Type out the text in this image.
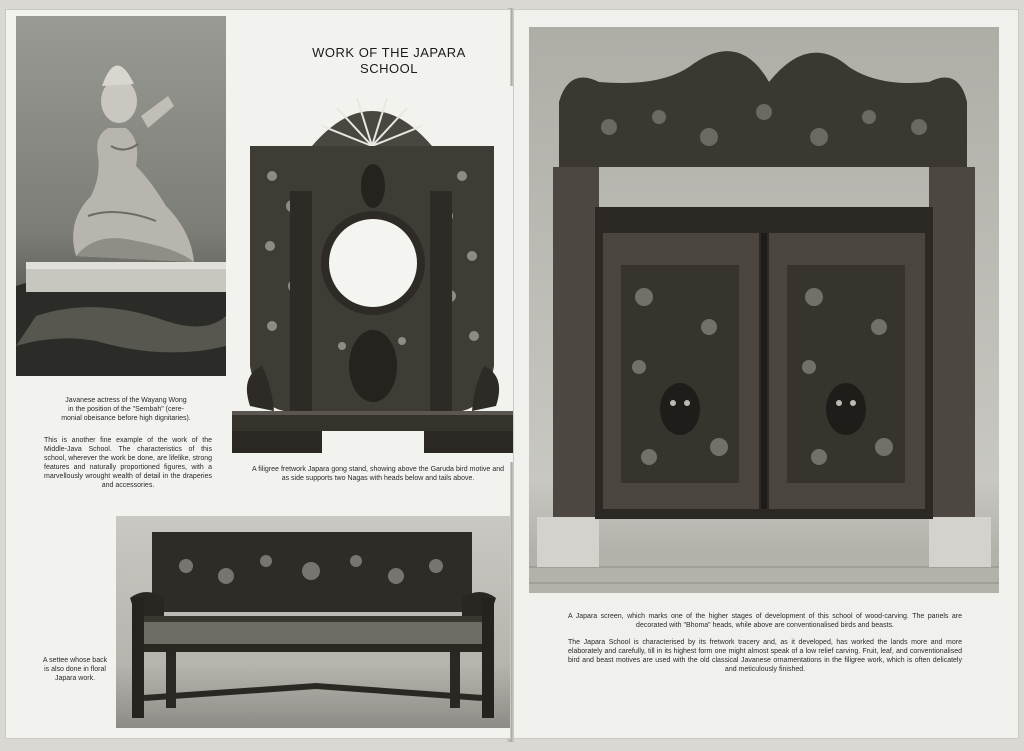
Javanese actress of the Wayang Wong

in the position of the "Sembah" (cere-

monial obeisance before high dignitaries).

This is another fine example of the work of the Middle-Java School. The characteristics of this school, wherever the work be done, are lifelike, strong features and naturally proportioned figures, with a marvellously wrought wealth of detail in the draperies and accessories.
WORK OF THE JAPARA SCHOOL
A filigree fretwork Japara gong stand, showing above the Garuda bird motive and as side supports two Nagas with heads below and tails above.
A settee whose back is also done in floral Japara work.
A Japara screen, which marks one of the higher stages of development of this school of wood-carving. The panels are decorated with "Bhoma" heads, while above are conventionalised birds and beasts.
The Japara School is characterised by its fretwork tracery and, as it developed, has worked the lands more and more elaborately and carefully, till in its highest form one might almost speak of a low relief carving. Fruit, leaf, and conventionalised bird and beast motives are used with the old classical Javanese ornamentations in the filigree work, which is often delicately and meticulously finished.
